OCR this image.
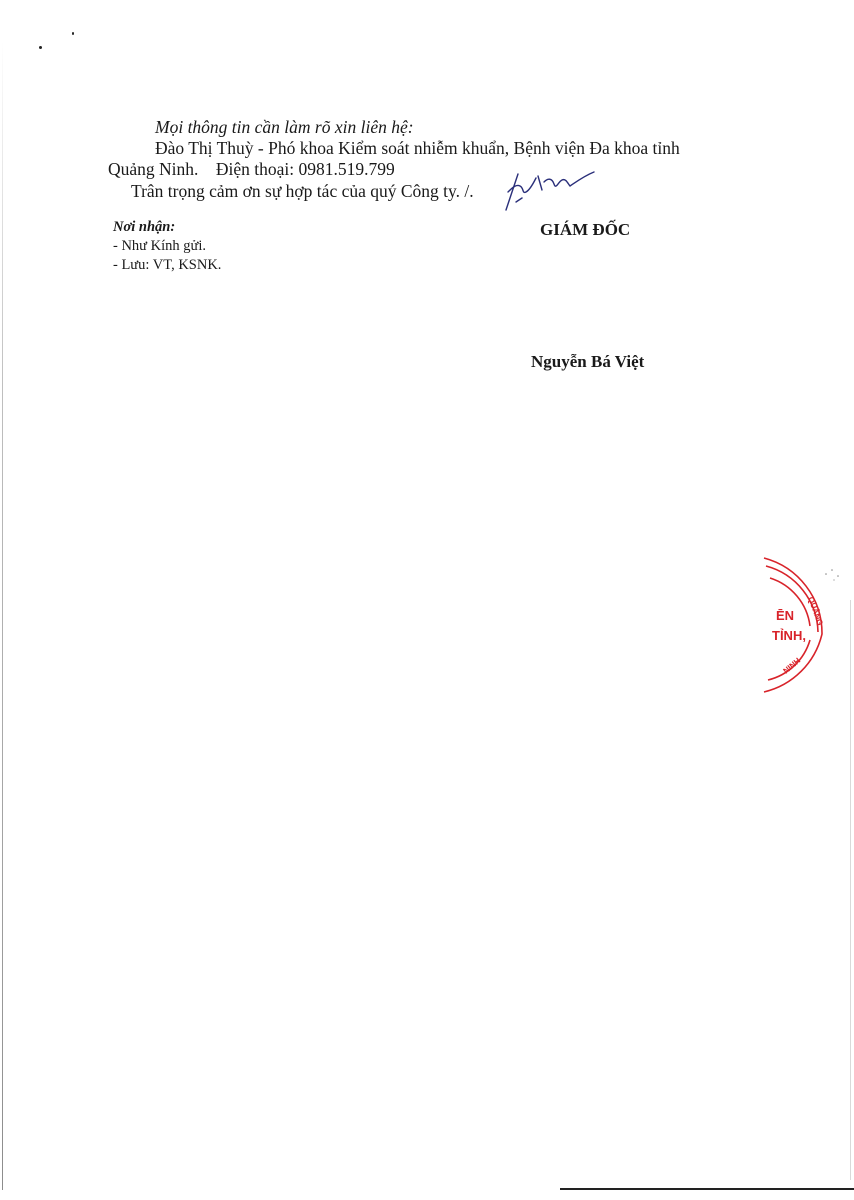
Mọi thông tin cần làm rõ xin liên hệ:
Đào Thị Thuỳ - Phó khoa Kiểm soát nhiễm khuẩn, Bệnh viện Đa khoa tỉnh
Quảng Ninh.    Điện thoại: 0981.519.799
Trân trọng cảm ơn sự hợp tác của quý Công ty. /.
Nơi nhận:
- Như Kính gửi.
- Lưu: VT, KSNK.
GIÁM ĐỐC
Nguyễn Bá Việt
ĒN
TỈNH,
QUẢNG
NINH
